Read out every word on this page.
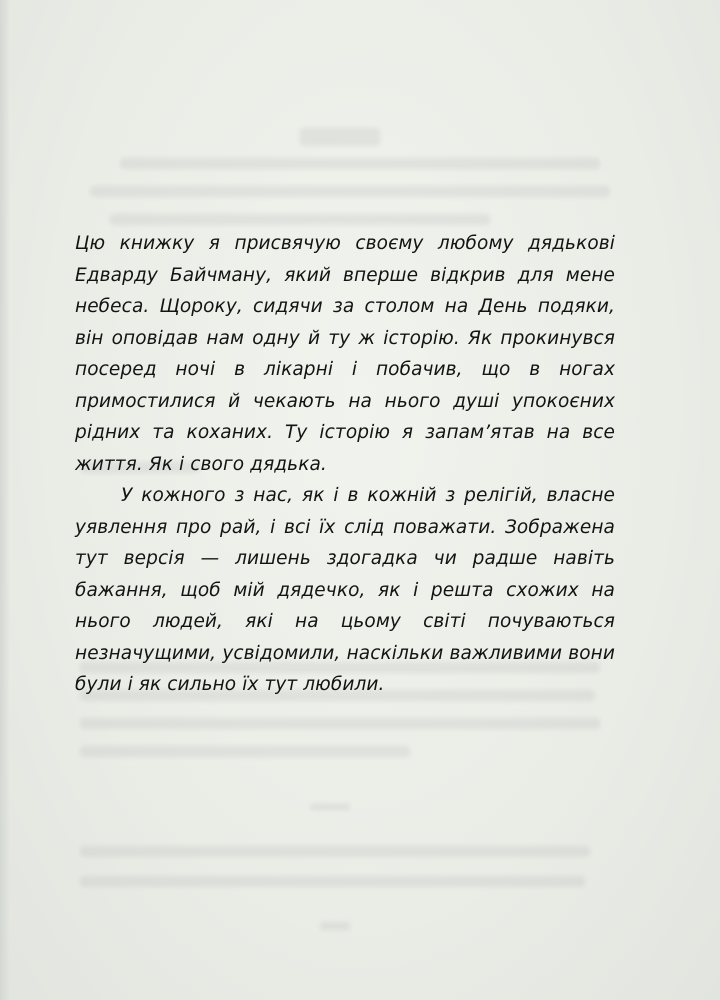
Цю книжку я присвячую своєму любому дядькові Едварду Байчману, який вперше відкрив для мене небеса. Щороку, сидячи за столом на День подяки, він оповідав нам одну й ту ж історію. Як прокинувся посеред ночі в лікарні і побачив, що в ногах примостилися й чекають на нього душі упокоєних рідних та коханих. Ту історію я запам’ятав на все життя. Як і свого дядька.

У кожного з нас, як і в кожній з релігій, власне уявлення про рай, і всі їх слід поважати. Зображена тут версія — лишень здогадка чи радше навіть бажання, щоб мій дядечко, як і решта схожих на нього людей, які на цьому світі почуваються незначущими, усвідомили, наскільки важливими вони були і як сильно їх тут любили.
